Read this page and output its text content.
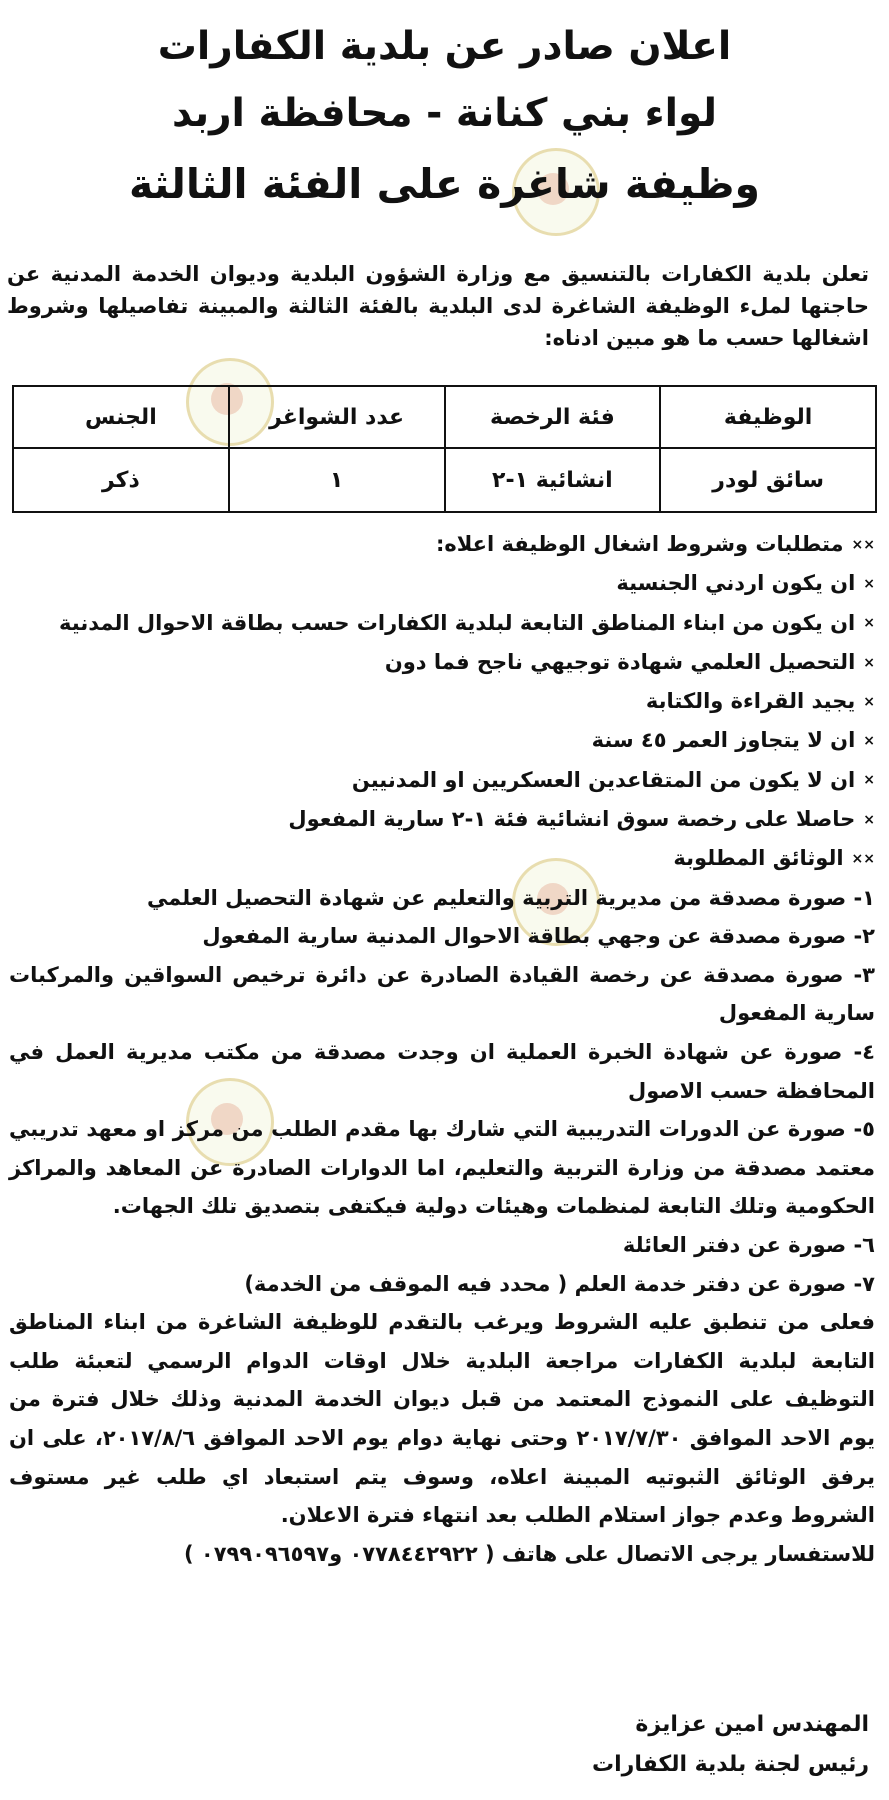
اعلان صادر عن بلدية الكفارات

لواء بني كنانة - محافظة اربد

وظيفة شاغرة على الفئة الثالثة

تعلن بلدية الكفارات بالتنسيق مع وزارة الشؤون البلدية وديوان الخدمة المدنية عن حاجتها لملء الوظيفة الشاغرة لدى البلدية بالفئة الثالثة والمبينة تفاصيلها وشروط اشغالها حسب ما هو مبين ادناه:
الوظيفة	فئة الرخصة	عدد الشواغر	الجنس
سائق لودر	انشائية ١-٢	١	ذكر

××متطلبات وشروط اشغال الوظيفة اعلاه:

×ان يكون اردني الجنسية

×ان يكون من ابناء المناطق التابعة لبلدية الكفارات حسب بطاقة الاحوال المدنية

×التحصيل العلمي شهادة توجيهي ناجح فما دون

×يجيد القراءة والكتابة

×ان لا يتجاوز العمر ٤٥ سنة

×ان لا يكون من المتقاعدين العسكريين او المدنيين

×حاصلا على رخصة سوق انشائية فئة ١-٢ سارية المفعول

××الوثائق المطلوبة

١- صورة مصدقة من مديرية التربية والتعليم عن شهادة التحصيل العلمي

٢- صورة مصدقة عن وجهي بطاقة الاحوال المدنية سارية المفعول

٣- صورة مصدقة عن رخصة القيادة الصادرة عن دائرة ترخيص السواقين والمركبات سارية المفعول

٤- صورة عن شهادة الخبرة العملية ان وجدت مصدقة من مكتب مديرية العمل في المحافظة حسب الاصول

٥- صورة عن الدورات التدريبية التي شارك بها مقدم الطلب من مركز او معهد تدريبي معتمد مصدقة من وزارة التربية والتعليم، اما الدوارات الصادرة عن المعاهد والمراكز الحكومية وتلك التابعة لمنظمات وهيئات دولية فيكتفى بتصديق تلك الجهات.

٦- صورة عن دفتر العائلة

٧- صورة عن دفتر خدمة العلم ( محدد فيه الموقف من الخدمة)

فعلى من تنطبق عليه الشروط ويرغب بالتقدم للوظيفة الشاغرة من ابناء المناطق التابعة لبلدية الكفارات مراجعة البلدية خلال اوقات الدوام الرسمي لتعبئة طلب التوظيف على النموذج المعتمد من قبل ديوان الخدمة المدنية وذلك خلال فترة من يوم الاحد الموافق ٢٠١٧/٧/٣٠ وحتى نهاية دوام يوم الاحد الموافق ٢٠١٧/٨/٦، على ان يرفق الوثائق الثبوتيه المبينة اعلاه، وسوف يتم استبعاد اي طلب غير مستوف الشروط وعدم جواز استلام الطلب بعد انتهاء فترة الاعلان.

للاستفسار يرجى الاتصال على هاتف ( ٠٧٧٨٤٤٢٩٢٢ و٠٧٩٩٠٩٦٥٩٧ )

المهندس امين عزايزة
رئيس لجنة بلدية الكفارات
